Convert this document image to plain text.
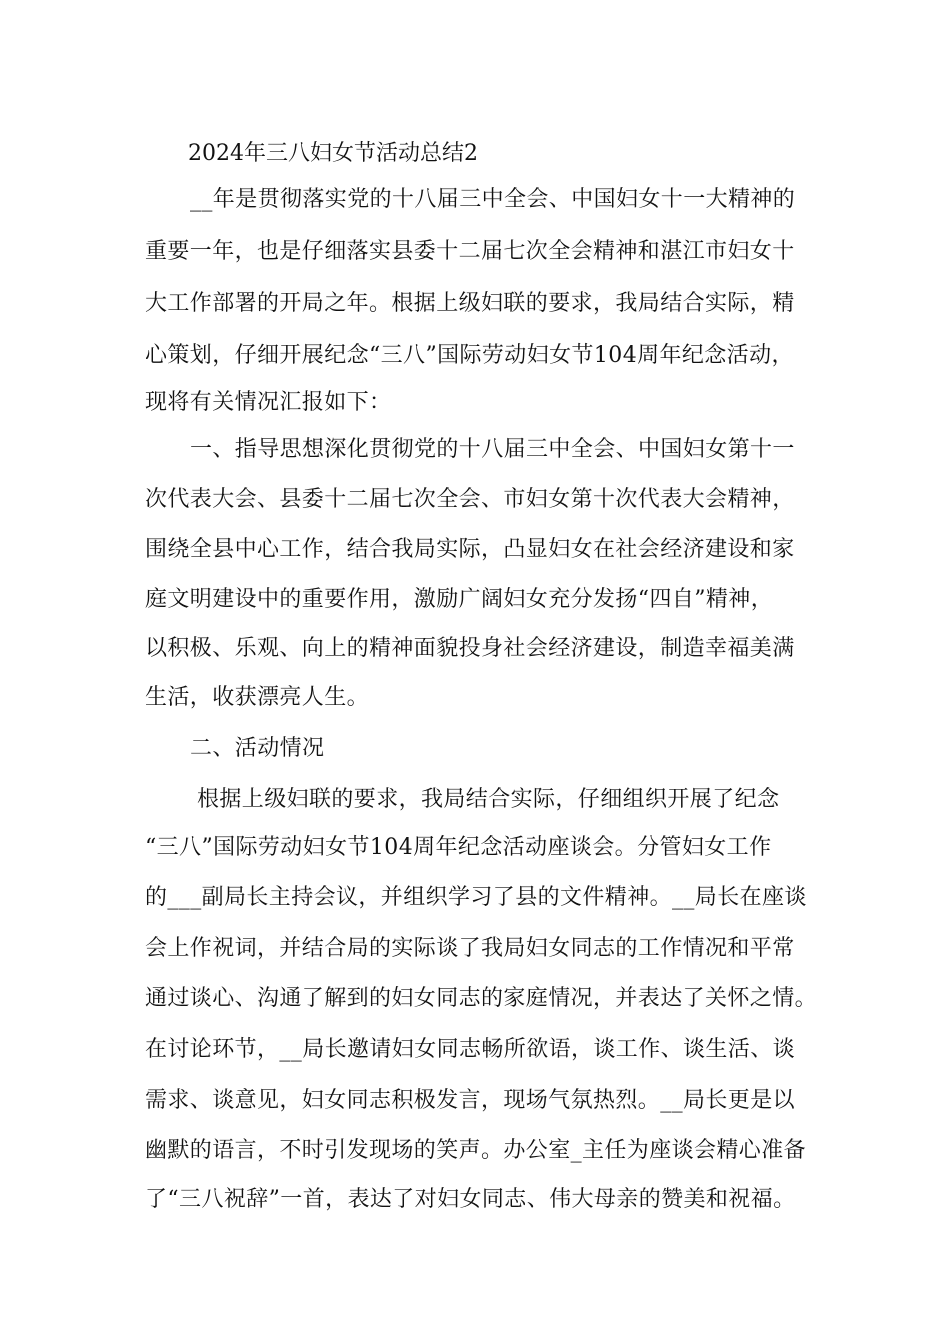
2024年三八妇女节活动总结2
__年是贯彻落实党的十八届三中全会、中国妇女十一大精神的
重要一年，也是仔细落实县委十二届七次全会精神和湛江市妇女十
大工作部署的开局之年。根据上级妇联的要求，我局结合实际，精
心策划，仔细开展纪念“三八”国际劳动妇女节104周年纪念活动，
现将有关情况汇报如下：
一、指导思想深化贯彻党的十八届三中全会、中国妇女第十一
次代表大会、县委十二届七次全会、市妇女第十次代表大会精神，
围绕全县中心工作，结合我局实际，凸显妇女在社会经济建设和家
庭文明建设中的重要作用，激励广阔妇女充分发扬“四自”精神，
以积极、乐观、向上的精神面貌投身社会经济建设，制造幸福美满
生活，收获漂亮人生。
二、活动情况
根据上级妇联的要求，我局结合实际，仔细组织开展了纪念
“三八”国际劳动妇女节104周年纪念活动座谈会。分管妇女工作
的___副局长主持会议，并组织学习了县的文件精神。__局长在座谈
会上作祝词，并结合局的实际谈了我局妇女同志的工作情况和平常
通过谈心、沟通了解到的妇女同志的家庭情况，并表达了关怀之情。
在讨论环节，__局长邀请妇女同志畅所欲语，谈工作、谈生活、谈
需求、谈意见，妇女同志积极发言，现场气氛热烈。__局长更是以
幽默的语言，不时引发现场的笑声。办公室_主任为座谈会精心准备
了“三八祝辞”一首，表达了对妇女同志、伟大母亲的赞美和祝福。
